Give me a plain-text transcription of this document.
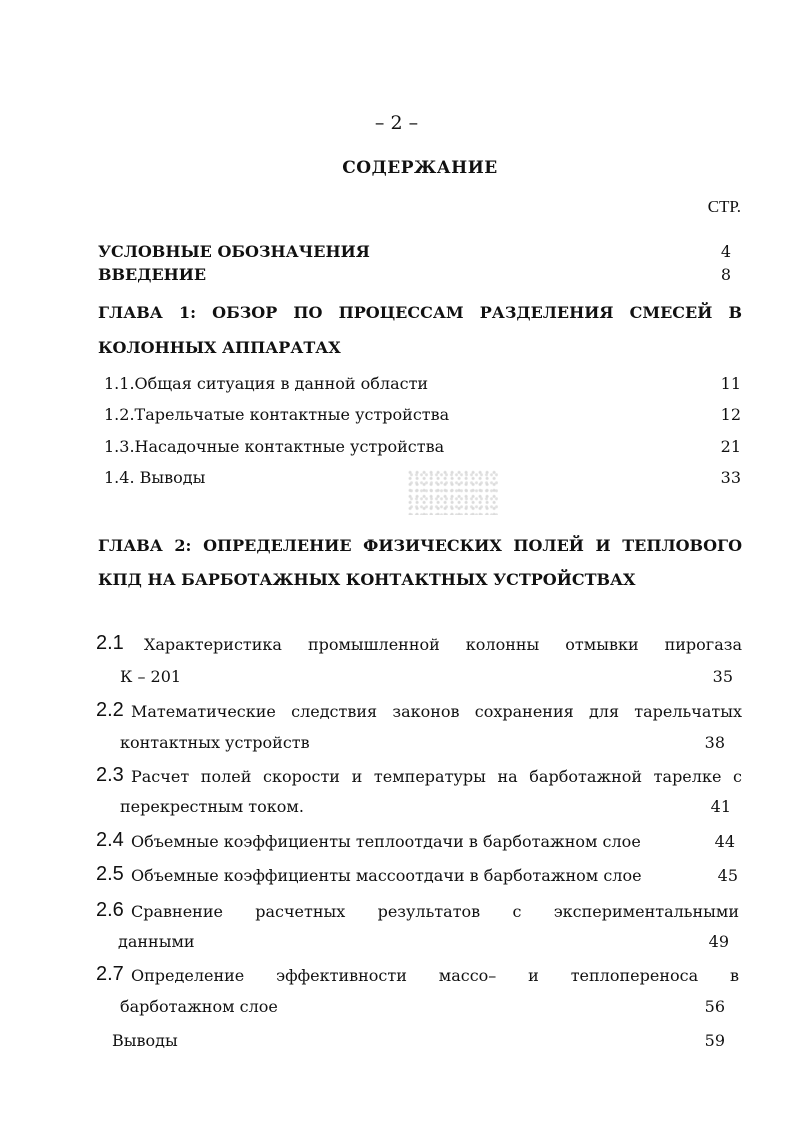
– 2 –
СОДЕРЖАНИЕ
СТР.
УСЛОВНЫЕ ОБОЗНАЧЕНИЯ	4
ВВЕДЕНИЕ	8
ГЛАВА 1: ОБЗОР ПО ПРОЦЕССАМ РАЗДЕЛЕНИЯ СМЕСЕЙ В
КОЛОННЫХ АППАРАТАХ
1.1.Общая ситуация в данной области	11
1.2.Тарельчатые контактные устройства	12
1.3.Насадочные контактные устройства	21
1.4. Выводы	33
ГЛАВА 2: ОПРЕДЕЛЕНИЕ ФИЗИЧЕСКИХ ПОЛЕЙ И ТЕПЛОВОГО
КПД НА БАРБОТАЖНЫХ КОНТАКТНЫХ УСТРОЙСТВАХ
2.1 Характеристика промышленной колонны отмывки пирогаза
К – 201	35
2.2 Математические следствия законов сохранения для тарельчатых
контактных устройств	38
2.3 Расчет полей скорости и температуры на барботажной тарелке с
перекрестным током.	41
2.4 Объемные коэффициенты теплоотдачи в барботажном слое	44
2.5 Объемные коэффициенты массоотдачи в барботажном слое	45
2.6 Сравнение расчетных результатов с экспериментальными
данными	49
2.7 Определение эффективности массо– и теплопереноса в
барботажном слое	56
Выводы	59
